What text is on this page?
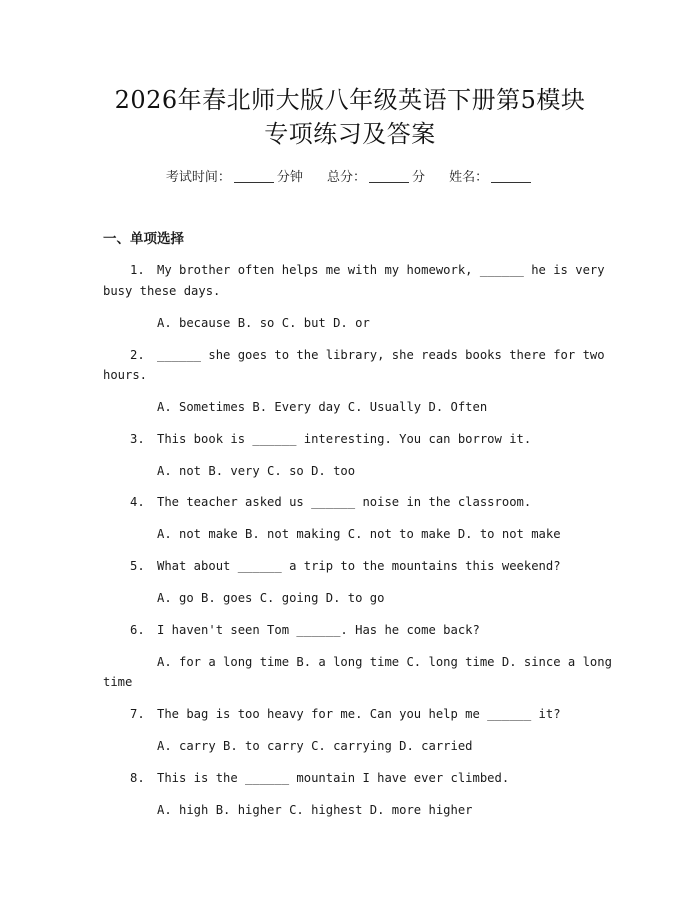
2026年春北师大版八年级英语下册第5模块
专项练习及答案
考试时间：	分钟 总分：	分 姓名：
一、单项选择
1. My brother often helps me with my homework, ______ he is very
busy these days.
A. because B. so C. but D. or
2. ______ she goes to the library, she reads books there for two
hours.
A. Sometimes B. Every day C. Usually D. Often
3. This book is ______ interesting. You can borrow it.
A. not B. very C. so D. too
4. The teacher asked us ______ noise in the classroom.
A. not make B. not making C. not to make D. to not make
5. What about ______ a trip to the mountains this weekend?
A. go B. goes C. going D. to go
6. I haven't seen Tom ______. Has he come back?
A. for a long time B. a long time C. long time D. since a long
time
7. The bag is too heavy for me. Can you help me ______ it?
A. carry B. to carry C. carrying D. carried
8. This is the ______ mountain I have ever climbed.
A. high B. higher C. highest D. more higher
